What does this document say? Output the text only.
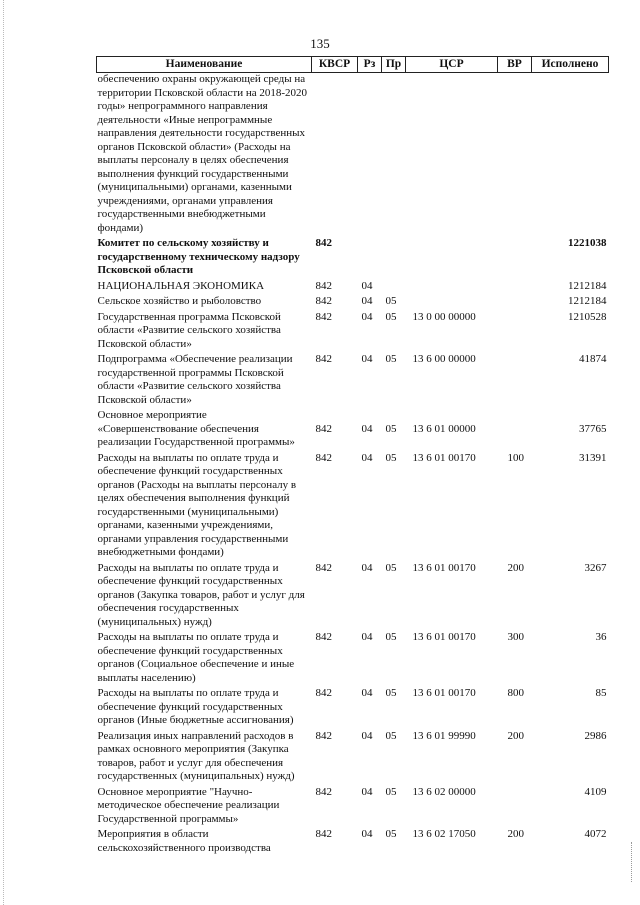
135
Наименование	КВСР	Рз	Пр	ЦСР	ВР	Исполнено
обеспечению охраны окружающей среды на территории Псковской области на 2018-2020 годы» непрограммного направления деятельности «Иные непрограммные направления деятельности государственных органов Псковской области» (Расходы на выплаты персоналу в целях обеспечения выполнения функций государственными (муниципальными) органами, казенными учреждениями, органами управления государственными внебюджетными фондами)						
Комитет по сельскому хозяйству и государственному техническому надзору Псковской области	842					1221038
НАЦИОНАЛЬНАЯ ЭКОНОМИКА	842	04				1212184
Сельское хозяйство и рыболовство	842	04	05			1212184
Государственная программа Псковской области «Развитие сельского хозяйства Псковской области»	842	04	05	13 0 00 00000		1210528
Подпрограмма «Обеспечение реализации государственной программы Псковской области «Развитие сельского хозяйства Псковской области»	842	04	05	13 6 00 00000		41874
Основное мероприятие «Совершенствование обеспечения реализации Государственной программы»	842	04	05	13 6 01 00000		37765
Расходы на выплаты по оплате труда и обеспечение функций государственных органов (Расходы на выплаты персоналу в целях обеспечения выполнения функций государственными (муниципальными) органами, казенными учреждениями, органами управления государственными внебюджетными фондами)	842	04	05	13 6 01 00170	100	31391
Расходы на выплаты по оплате труда и обеспечение функций государственных органов (Закупка товаров, работ и услуг для обеспечения государственных (муниципальных) нужд)	842	04	05	13 6 01 00170	200	3267
Расходы на выплаты по оплате труда и обеспечение функций государственных органов (Социальное обеспечение и иные выплаты населению)	842	04	05	13 6 01 00170	300	36
Расходы на выплаты по оплате труда и обеспечение функций государственных органов (Иные бюджетные ассигнования)	842	04	05	13 6 01 00170	800	85
Реализация иных направлений расходов в рамках основного мероприятия (Закупка товаров, работ и услуг для обеспечения государственных (муниципальных) нужд)	842	04	05	13 6 01 99990	200	2986
Основное мероприятие "Научно-методическое обеспечение реализации Государственной программы»	842	04	05	13 6 02 00000		4109
Мероприятия в области сельскохозяйственного производства	842	04	05	13 6 02 17050	200	4072
